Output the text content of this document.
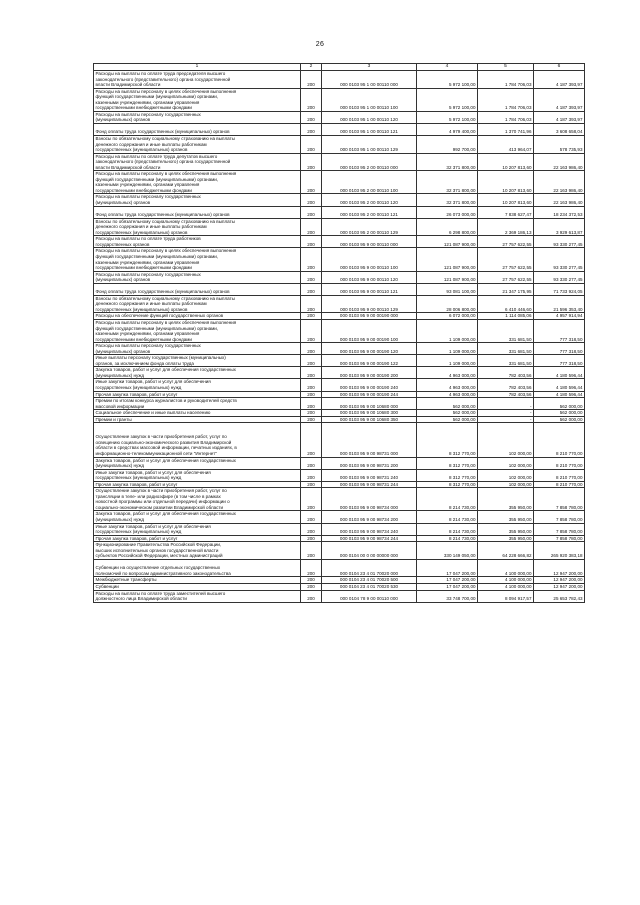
26
1	2	3	4	5	6

Расходы на выплаты по оплате труда председателя высшего
законодательного (представительного) органа государственной
власти Владимирской области	200	000 0103 95 1 00 00110 000	5 972 100,00	1 784 706,03	4 187 393,97

Расходы на выплаты персоналу в целях обеспечения выполнения
функций государственными (муниципальными) органами,
казенными учреждениями, органами управления
государственными внебюджетными фондами	200	000 0103 95 1 00 00110 100	5 972 100,00	1 784 706,03	4 187 393,97

Расходы на выплаты персоналу государственных
(муниципальных) органов	200	000 0103 95 1 00 00110 120	5 972 100,00	1 784 706,03	4 187 393,97

Фонд оплаты труда государственных (муниципальных) органов	200	000 0103 95 1 00 00110 121	4 979 400,00	1 370 741,96	3 608 658,04

Взносы по обязательному социальному страхованию на выплаты
денежного содержания и иные выплаты работникам
государственных (муниципальных) органов	200	000 0103 95 1 00 00110 129	992 700,00	413 964,07	578 735,93

Расходы на выплаты по оплате труда депутатов высшего
законодательного (представительного) органа государственной
власти Владимирской области	200	000 0103 95 2 00 00110 000	32 371 800,00	10 207 813,60	22 163 986,40

Расходы на выплаты персоналу в целях обеспечения выполнения
функций государственными (муниципальными) органами,
казенными учреждениями, органами управления
государственными внебюджетными фондами	200	000 0103 95 2 00 00110 100	32 371 800,00	10 207 813,60	22 163 986,40

Расходы на выплаты персоналу государственных
(муниципальных) органов	200	000 0103 95 2 00 00110 120	32 371 800,00	10 207 813,60	22 163 986,40

Фонд оплаты труда государственных (муниципальных) органов	200	000 0103 95 2 00 00110 121	26 073 000,00	7 838 627,47	18 234 372,53

Взносы по обязательному социальному страхованию на выплаты
денежного содержания и иные выплаты работникам
государственных (муниципальных) органов	200	000 0103 95 2 00 00110 129	6 298 800,00	2 369 186,13	3 929 613,87

Расходы на выплаты по оплате труда работников
государственных органов	200	000 0103 95 9 00 00110 000	121 087 900,00	27 757 622,55	93 330 277,45

Расходы на выплаты персоналу в целях обеспечения выполнения
функций государственными (муниципальными) органами,
казенными учреждениями, органами управления
государственными внебюджетными фондами	200	000 0103 95 9 00 00110 100	121 087 900,00	27 757 622,55	93 330 277,45

Расходы на выплаты персоналу государственных
(муниципальных) органов	200	000 0103 95 9 00 00110 120	121 087 900,00	27 757 622,55	93 330 277,45

Фонд оплаты труда государственных (муниципальных) органов	200	000 0103 95 9 00 00110 121	93 081 100,00	21 347 175,95	71 733 924,05

Взносы по обязательному социальному страхованию на выплаты
денежного содержания и иные выплаты работникам
государственных (муниципальных) органов	200	000 0103 95 9 00 00110 129	28 006 800,00	6 410 446,60	21 596 353,40

Расходы на обеспечение функций государственных органов	200	000 0103 95 9 00 00190 000	6 072 000,00	1 114 085,06	4 957 914,94

Расходы на выплаты персоналу в целях обеспечения выполнения
функций государственными (муниципальными) органами,
казенными учреждениями, органами управления
государственными внебюджетными фондами	200	000 0103 95 9 00 00190 100	1 109 000,00	331 681,50	777 318,50

Расходы на выплаты персоналу государственных
(муниципальных) органов	200	000 0103 95 9 00 00190 120	1 109 000,00	331 681,50	777 318,50

Иные выплаты персоналу государственных (муниципальных)
органов, за исключением фонда оплаты труда	200	000 0103 95 9 00 00190 122	1 109 000,00	331 681,50	777 318,50

Закупка товаров, работ и услуг для обеспечения государственных
(муниципальных) нужд	200	000 0103 95 9 00 00190 200	4 963 000,00	782 403,56	4 180 596,44

Иные закупки товаров, работ и услуг для обеспечения
государственных (муниципальных) нужд	200	000 0103 95 9 00 00190 240	4 963 000,00	782 403,56	4 180 596,44

Прочая закупка товаров, работ и услуг	200	000 0103 95 9 00 00190 244	4 963 000,00	782 403,56	4 180 596,44

Премии по итогам конкурса журналистов и руководителей средств
массовой информации	200	000 0103 95 9 00 10680 000	562 000,00	-	562 000,00

Социальное обеспечение и иные выплаты населению	200	000 0103 95 9 00 10680 300	562 000,00	-	562 000,00

Премии и гранты	200	000 0103 95 9 00 10680 350	562 000,00	-	562 000,00

Осуществление закупок в части приобретения работ, услуг по
освещению социально-экономического развития Владимирской
области в средствах массовой информации, печатных изданиях, в
информационно-телекоммуникационной сети "Интернет"	200	000 0103 95 9 00 98731 000	8 312 770,00	102 000,00	8 210 770,00

Закупка товаров, работ и услуг для обеспечения государственных
(муниципальных) нужд	200	000 0103 95 9 00 98731 200	8 312 770,00	102 000,00	8 210 770,00

Иные закупки товаров, работ и услуг для обеспечения
государственных (муниципальных) нужд	200	000 0103 95 9 00 98731 240	8 312 770,00	102 000,00	8 210 770,00

Прочая закупка товаров, работ и услуг	200	000 0103 95 9 00 98731 244	8 312 770,00	102 000,00	8 210 770,00

Осуществление закупок в части приобретения работ, услуг по
трансляции в теле- или радиоэфире (в том числе в рамках
новостной программы или отдельной передачи) информации о
социально-экономическом развитии Владимирской области	200	000 0103 95 9 00 98734 000	8 214 730,00	355 950,00	7 858 780,00

Закупка товаров, работ и услуг для обеспечения государственных
(муниципальных) нужд	200	000 0103 95 9 00 98734 200	8 214 730,00	355 950,00	7 858 780,00

Иные закупки товаров, работ и услуг для обеспечения
государственных (муниципальных) нужд	200	000 0103 95 9 00 98734 240	8 214 730,00	355 950,00	7 858 780,00

Прочая закупка товаров, работ и услуг	200	000 0103 95 9 00 98734 244	8 214 730,00	355 950,00	7 858 780,00

Функционирование Правительства Российской Федерации,
высших исполнительных органов государственной власти
субъектов Российской Федерации, местных администраций	200	000 0104 00 0 00 00000 000	330 149 050,00	64 228 666,82	265 920 383,18

Субвенции на осуществление отдельных государственных
полномочий по вопросам административного законодательства	200	000 0104 23 4 01 70020 000	17 047 200,00	4 100 000,00	12 947 200,00

Межбюджетные трансферты	200	000 0104 23 4 01 70020 500	17 047 200,00	4 100 000,00	12 947 200,00

Субвенции	200	000 0104 23 4 01 70020 530	17 047 200,00	4 100 000,00	12 947 200,00

Расходы на выплаты по оплате труда заместителей высшего
должностного лица Владимирской области	200	000 0104 78 9 00 00110 000	33 748 700,00	8 094 917,57	25 653 782,43
